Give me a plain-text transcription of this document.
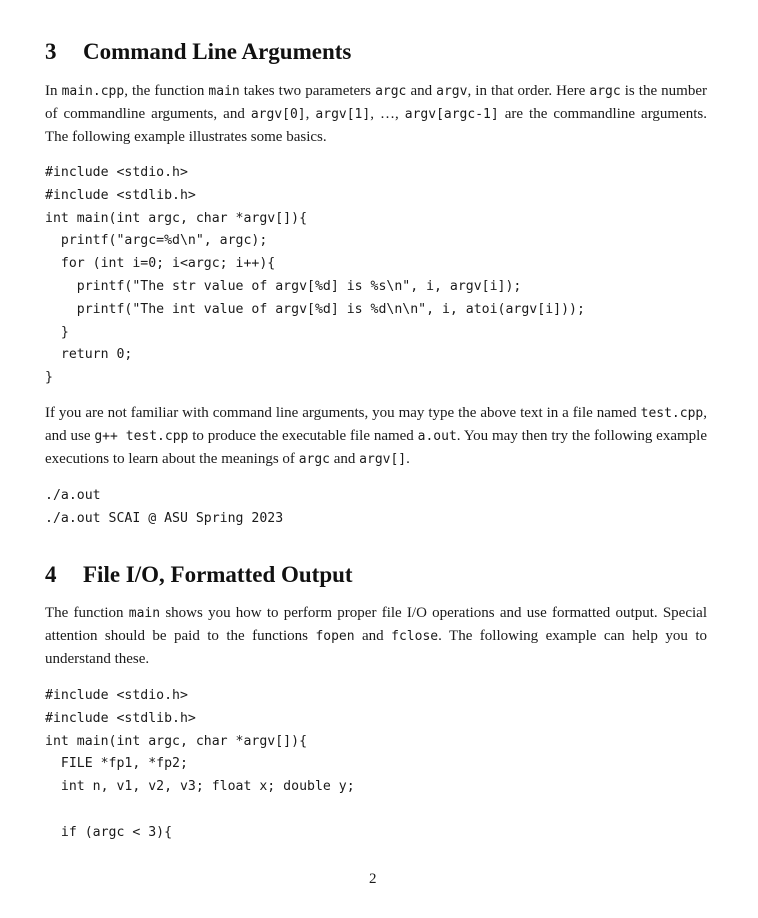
3 Command Line Arguments

In main.cpp, the function main takes two parameters argc and argv, in that order. Here argc is the number of commandline arguments, and argv[0], argv[1], …, argv[argc-1] are the commandline arguments. The following example illustrates some basics.

#include <stdio.h>
#include <stdlib.h>
int main(int argc, char *argv[]){
printf("argc=%d\n", argc);
for (int i=0; i<argc; i++){
printf("The str value of argv[%d] is %s\n", i, argv[i]);
printf("The int value of argv[%d] is %d\n\n", i, atoi(argv[i]));
}
return 0;
}

If you are not familiar with command line arguments, you may type the above text in a file named test.cpp, and use g++ test.cpp to produce the executable file named a.out. You may then try the following example executions to learn about the meanings of argc and argv[].

./a.out
./a.out SCAI @ ASU Spring 2023
4 File I/O, Formatted Output

The function main shows you how to perform proper file I/O operations and use formatted output. Special attention should be paid to the functions fopen and fclose. The following example can help you to understand these.

#include <stdio.h>
#include <stdlib.h>
int main(int argc, char *argv[]){
FILE *fp1, *fp2;
int n, v1, v2, v3; float x; double y;
if (argc < 3){
2
